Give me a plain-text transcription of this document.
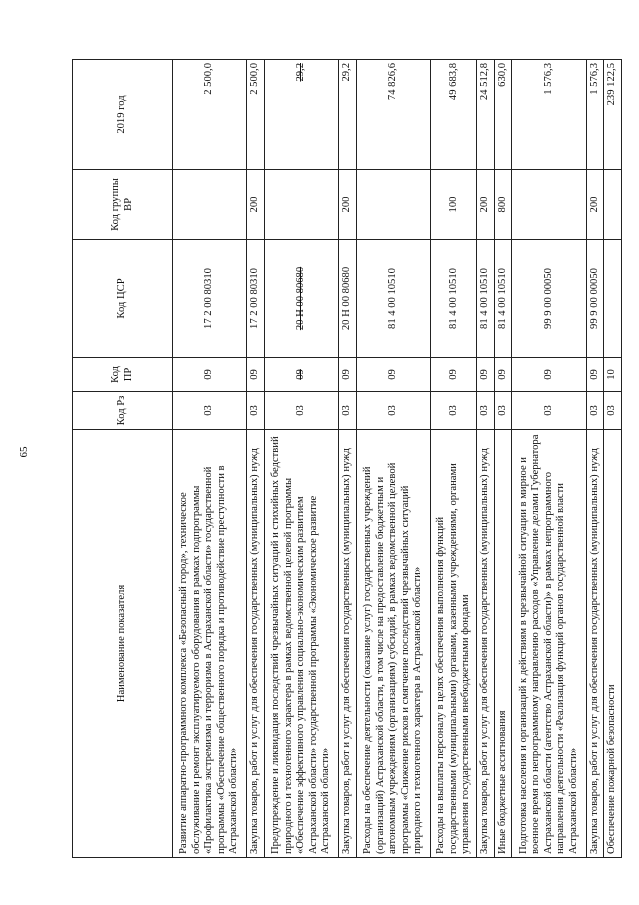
65
Наименование показателя	Код Рз	Код ПР	Код ЦСР	Код группы ВР	2019 год
Развитие аппаратно-программного комплекса «Безопасный город», техническое обслуживание и ремонт эксплуатируемого оборудования в рамках подпрограммы «Профилактика экстремизма и терроризма в Астраханской области» государственной программы «Обеспечение общественного порядка и противодействие преступности в Астраханской области»	03	09	17 2 00 80310		2 500,0
Закупка товаров, работ и услуг для обеспечения государственных (муниципальных) нужд	03	09	17 2 00 80310	200	2 500,0
Предупреждение и ликвидация последствий чрезвычайных ситуаций и стихийных бедствий природного и техногенного характера в рамках ведомственной целевой программы «Обеспечение эффективного управления социально-экономическим развитием Астраханской области» государственной программы «Экономическое развитие Астраханской области»	03	09	20 Н 00 80680		29,2
Закупка товаров, работ и услуг для обеспечения государственных (муниципальных) нужд	03	09	20 Н 00 80680	200	29,2
Расходы на обеспечение деятельности (оказание услуг) государственных учреждений (организаций) Астраханской области, в том числе на предоставление бюджетным и автономным учреждениям (организациям) субсидий, в рамках ведомственной целевой программы «Снижение рисков и смягчение последствий чрезвычайных ситуаций природного и техногенного характера в Астраханской области»	03	09	81 4 00 10510		74 826,6
Расходы на выплаты персоналу в целях обеспечения выполнения функций государственными (муниципальными) органами, казенными учреждениями, органами управления государственными внебюджетными фондами	03	09	81 4 00 10510	100	49 683,8
Закупка товаров, работ и услуг для обеспечения государственных (муниципальных) нужд	03	09	81 4 00 10510	200	24 512,8
Иные бюджетные ассигнования	03	09	81 4 00 10510	800	630,0
Подготовка населения и организаций к действиям в чрезвычайной ситуации в мирное и военное время по непрограммному направлению расходов «Управление делами Губернатора Астраханской области (агентство Астраханской области)» в рамках непрограммного направления деятельности «Реализация функций органов государственной власти Астраханской области»	03	09	99 9 00 00050		1 576,3
Закупка товаров, работ и услуг для обеспечения государственных (муниципальных) нужд	03	09	99 9 00 00050	200	1 576,3
Обеспечение пожарной безопасности	03	10			239 122,5
